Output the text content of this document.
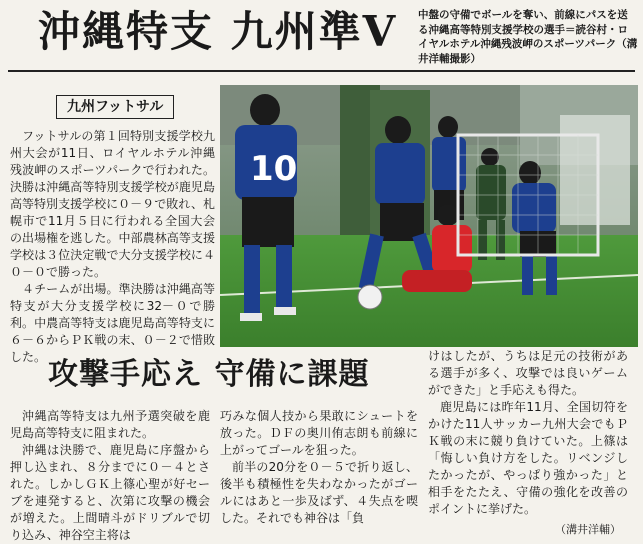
沖縄特支 九州準V 中盤の守備でボールを奪い、前線にパスを送る沖縄高等特別支援学校の選手＝読谷村・ロイヤルホテル沖縄残波岬のスポーツパーク（溝井洋輔撮影）
九州フットサル

フットサルの第１回特別支援学校九州大会が11日、ロイヤルホテル沖縄残波岬のスポーツパークで行われた。決勝は沖縄高等特別支援学校が鹿児島高等特別支援学校に０－９で敗れ、札幌市で11月５日に行われる全国大会の出場権を逃した。中部農林高等支援学校は３位決定戦で大分支援学校に４０－０で勝った。

４チームが出場。準決勝は沖縄高等特支が大分支援学校に32－０で勝利。中農高等特支は鹿児島高等特支に６－６からＰＫ戦の末、０－２で惜敗した。

10
攻撃手応え 守備に課題

沖縄高等特支は九州予選突破を鹿児島高等特支に阻まれた。

沖縄は決勝で、鹿児島に序盤から押し込まれ、８分までに０－４とされた。しかしＧＫ上篠心聖が好セーブを連発すると、次第に攻撃の機会が増えた。上間晴斗がドリブルで切り込み、神谷空主将は

巧みな個人技から果敢にシュートを放った。ＤＦの奥川侑志朗も前線に上がってゴールを狙った。

前半の20分を０－５で折り返し、後半も積極性を失わなかったがゴールにはあと一歩及ばず、４失点を喫した。それでも神谷は「負

けはしたが、うちは足元の技術がある選手が多く、攻撃では良いゲームができた」と手応えも得た。

鹿児島には昨年11月、全国切符をかけた11人サッカー九州大会でもＰＫ戦の末に競り負けていた。上篠は「悔しい負け方をした。リベンジしたかったが、やっぱり強かった」と相手をたたえ、守備の強化を改善のポイントに挙げた。

（溝井洋輔）
